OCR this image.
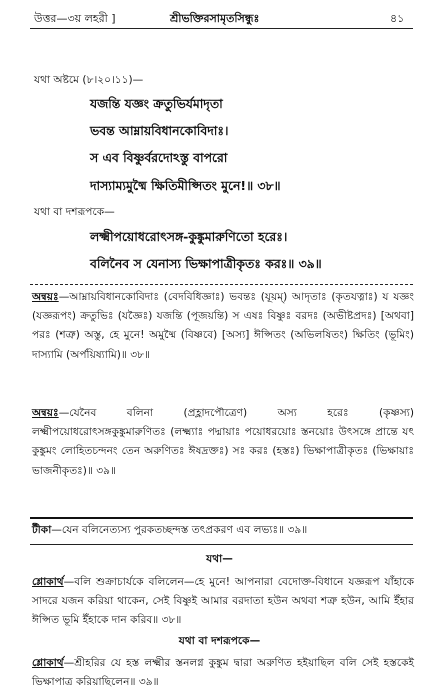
উত্তর—৩য় লহরী ]	শ্রীভক্তিরসামৃতসিন্ধুঃ	৪১
যথা অষ্টমে (৮।২০।১১)—
যজন্তি যজ্ঞং ক্রতুভির্যমাদৃতা
ভবন্ত আম্নায়বিধানকোবিদাঃ।
স এব বিষ্ণুর্বরদোঽস্তু বাপরো
দাস্যাম্যমুষ্মৈ ক্ষিতিমীপ্সিতং মুনে!॥ ৩৮॥
যথা বা দশরূপকে—
লক্ষ্মীপয়োধরোৎসঙ্গ-কুঙ্কুমারুণিতো হরেঃ।
বলিনৈব স যেনাস্য ভিক্ষাপাত্রীকৃতঃ করঃ॥ ৩৯॥
অন্বয়ঃ—আম্নায়বিধানকোবিদাঃ (বেদবিধিজ্ঞাঃ) ভবন্তঃ (যূয়ম্) আদৃতাঃ (কৃতযত্নাঃ) য যজ্ঞং (যজ্ঞরূপং) ক্রতুভিঃ (যজ্ঞৈঃ) যজন্তি (পূজয়ন্তি) স এষঃ বিষ্ণুঃ বরদঃ (অভীষ্টপ্রদঃ) [অথবা] পরঃ (শত্রু) অস্তু, হে মুনে! অমুষ্মৈ (বিষ্ণবে) [অস্য] ঈপ্সিতং (অভিলষিতং) ক্ষিতিং (ভূমিং) দাস্যামি (অর্পয়িষ্যামি)॥ ৩৮॥
অন্বয়ঃ—যেনৈব বলিনা (প্রহ্লাদপৌত্রেণ) অস্য হরেঃ (কৃষ্ণস্য) লক্ষ্মীপয়োধরোৎসঙ্গকুঙ্কুমারুণিতঃ (লক্ষ্ম্যাঃ পদ্মায়াঃ পয়োধরয়োঃ স্তনয়োঃ উৎসঙ্গে প্রান্তে যৎ কুঙ্কুমং লোহিতচন্দনং তেন অরুণিতঃ ঈষদ্রক্তঃ) সঃ করঃ (হস্তঃ) ভিক্ষাপাত্রীকৃতঃ (ভিক্ষায়াঃ ভাজনীকৃতঃ)॥ ৩৯॥
টীকা—যেন বলিনেত্যস্য পুরকতচ্ছন্দস্ত তৎপ্রকরণ এব লভ্যঃ॥ ৩৯॥
যথা—
শ্লোকার্থ—বলি শুক্রাচার্যকে বলিলেন—হে মুনে! আপনারা বেদোক্ত-বিধানে যজ্ঞরূপ যাঁহাকে সাদরে যজন করিয়া থাকেন, সেই বিষ্ণুই আমার বরদাতা হউন অথবা শত্রু হউন, আমি ইঁহার ঈপ্সিত ভূমি ইঁহাকে দান করিব॥ ৩৮॥
যথা বা দশরূপকে—
শ্লোকার্থ—শ্রীহরির যে হস্ত লক্ষ্মীর স্তনলগ্ন কুঙ্কুম দ্বারা অরুণিত হইয়াছিল বলি সেই হস্তকেই ভিক্ষাপাত্র করিয়াছিলেন॥ ৩৯॥
